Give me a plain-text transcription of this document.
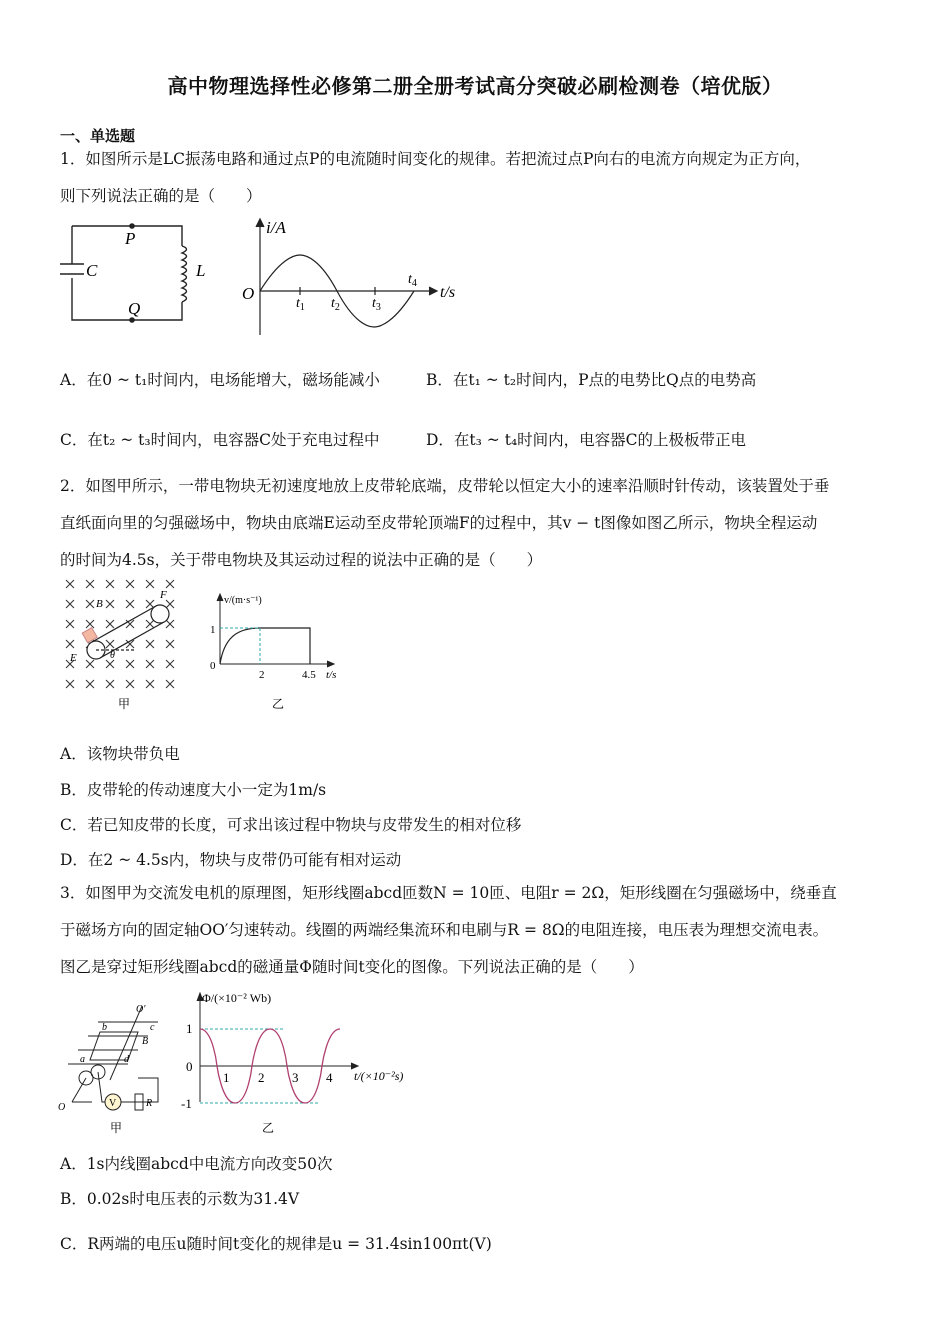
高中物理选择性必修第二册全册考试高分突破必刷检测卷（培优版）
一、单选题
1．如图所示是LC振荡电路和通过点P的电流随时间变化的规律。若把流过点P向右的电流方向规定为正方向，
则下列说法正确的是（　　）
P
Q
C	L
i/A
O	t/s
$t_1$ $t_2$ $t_3$
$t_4$
A．在0 ~ t₁时间内，电场能增大，磁场能减小	B．在t₁ ~ t₂时间内，P点的电势比Q点的电势高
C．在t₂ ~ t₃时间内，电容器C处于充电过程中	D．在t₃ ~ t₄时间内，电容器C的上极板带正电
2．如图甲所示，一带电物块无初速度地放上皮带轮底端，皮带轮以恒定大小的速率沿顺时针传动，该装置处于垂
直纸面向里的匀强磁场中，物块由底端E运动至皮带轮顶端F的过程中，其v − t图像如图乙所示，物块全程运动
的时间为4.5s，关于带电物块及其运动过程的说法中正确的是（　　）
B
E
F
θ
甲
v/(m·s⁻¹)
1
0
2	4.5 t/s
乙
A．该物块带负电
B．皮带轮的传动速度大小一定为1m/s
C．若已知皮带的长度，可求出该过程中物块与皮带发生的相对位移
D．在2 ~ 4.5s内，物块与皮带仍可能有相对运动
3．如图甲为交流发电机的原理图，矩形线圈abcd匝数N = 10匝、电阻r = 2Ω，矩形线圈在匀强磁场中，绕垂直
于磁场方向的固定轴OO′匀速转动。线圈的两端经集流环和电刷与R = 8Ω的电阻连接，电压表为理想交流电表。
图乙是穿过矩形线圈abcd的磁通量Φ随时间t变化的图像。下列说法正确的是（　　）
V	R
O′
O
a
b	c
d
B
甲
Φ/(×10⁻² Wb)
1
0
-1
1 2 3 4 t/(×10⁻²s)
乙
A．1s内线圈abcd中电流方向改变50次
B．0.02s时电压表的示数为31.4V
C．R两端的电压u随时间t变化的规律是u = 31.4sin100πt(V)
